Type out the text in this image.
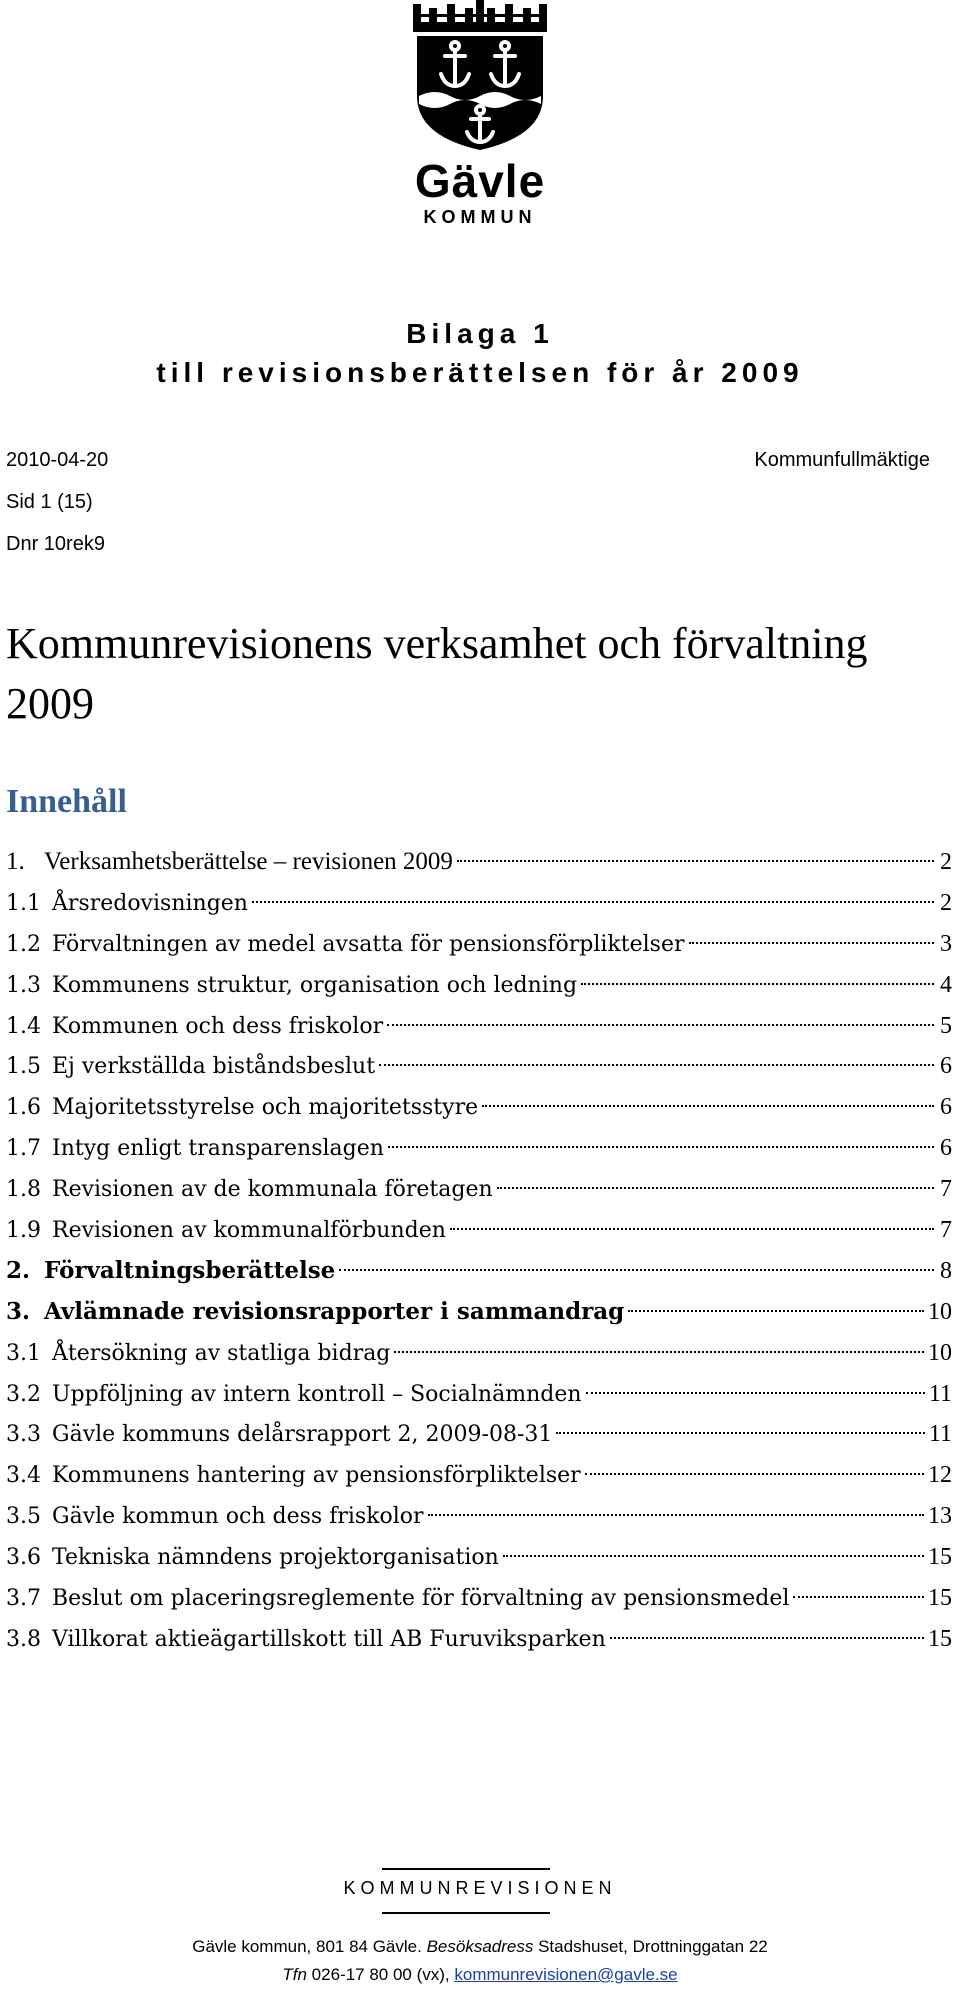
Gävle
KOMMUN
Bilaga 1
till revisionsberättelsen för år 2009
2010-04-20	Kommunfullmäktige
Sid 1 (15)
Dnr 10rek9
Kommunrevisionens verksamhet och förvaltning 2009
Innehåll
1. Verksamhetsberättelse – revisionen 2009	2
1.1 Årsredovisningen	2
1.2 Förvaltningen av medel avsatta för pensionsförpliktelser	3
1.3 Kommunens struktur, organisation och ledning	4
1.4 Kommunen och dess friskolor	5
1.5 Ej verkställda biståndsbeslut	6
1.6 Majoritetsstyrelse och majoritetsstyre	6
1.7 Intyg enligt transparenslagen	6
1.8 Revisionen av de kommunala företagen	7
1.9 Revisionen av kommunalförbunden	7
2. Förvaltningsberättelse	8
3. Avlämnade revisionsrapporter i sammandrag	10
3.1 Återsökning av statliga bidrag	10
3.2 Uppföljning av intern kontroll – Socialnämnden	11
3.3 Gävle kommuns delårsrapport 2, 2009-08-31	11
3.4 Kommunens hantering av pensionsförpliktelser	12
3.5 Gävle kommun och dess friskolor	13
3.6 Tekniska nämndens projektorganisation	15
3.7 Beslut om placeringsreglemente för förvaltning av pensionsmedel	15
3.8 Villkorat aktieägartillskott till AB Furuviksparken	15
KOMMUNREVISIONEN
Gävle kommun, 801 84 Gävle. Besöksadress Stadshuset, Drottninggatan 22
Tfn 026-17 80 00 (vx), kommunrevisionen@gavle.se
